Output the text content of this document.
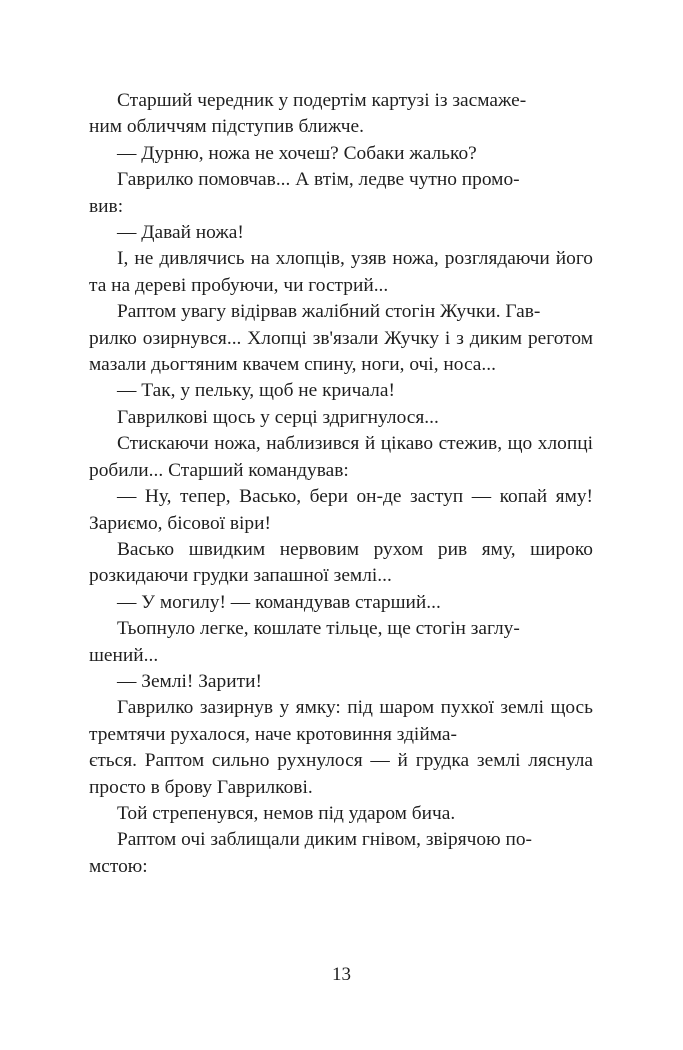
Старший чередник у подертім картузі із засмаже-
ним обличчям підступив ближче.

— Дурню, ножа не хочеш? Собаки жалько?

Гаврилко помовчав... А втім, ледве чутно промо-
вив:

— Давай ножа!

І, не дивлячись на хлопців, узяв ножа, розглядаючи його та на дереві пробуючи, чи гострий...

Раптом увагу відірвав жалібний стогін Жучки. Гав-
рилко озирнувся... Хлопці зв'язали Жучку і з диким реготом мазали дьогтяним квачем спину, ноги, очі, носа...

— Так, у пельку, щоб не кричала!

Гаврилкові щось у серці здригнулося...

Стискаючи ножа, наблизився й цікаво стежив, що хлопці робили... Старший командував:

— Ну, тепер, Васько, бери он-де заступ — копай яму! Зариємо, бісової віри!

Васько швидким нервовим рухом рив яму, широко розкидаючи грудки запашної землі...

— У могилу! — командував старший...

Тьопнуло легке, кошлате тільце, ще стогін заглу-
шений...

— Землі! Зарити!

Гаврилко зазирнув у ямку: під шаром пухкої землі щось тремтячи рухалося, наче кротовиння здійма-
ється. Раптом сильно рухнулося — й грудка землі ляснула просто в брову Гаврилкові.

Той стрепенувся, немов під ударом бича.

Раптом очі заблищали диким гнівом, звірячою по-
мстою:

13
